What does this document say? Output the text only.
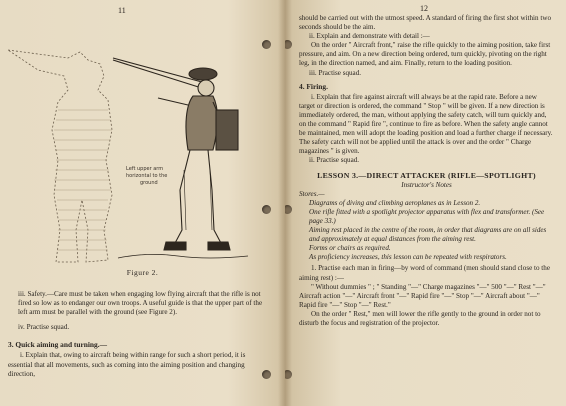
11
Left upper arm horizontal to the ground
Figure 2.

iii. Safety.—Care must be taken when engaging low flying aircraft that the rifle is not fired so low as to endanger our own troops. A useful guide is that the upper part of the left arm must be parallel with the ground (see Figure 2).

iv. Practise squad.

3. Quick aiming and turning.—

i. Explain that, owing to aircraft being within range for such a short period, it is essential that all movements, such as coming into the aiming position and changing direction,

12

should be carried out with the utmost speed. A standard of firing the first shot within two seconds should be the aim.

ii. Explain and demonstrate with detail :—

On the order " Aircraft front," raise the rifle quickly to the aiming position, take first pressure, and aim. On a new direction being ordered, turn quickly, pivoting on the right leg, in the direction named, and aim. Finally, return to the loading position.

iii. Practise squad.

4. Firing.

i. Explain that fire against aircraft will always be at the rapid rate. Before a new target or direction is ordered, the command " Stop " will be given. If a new direction is immediately ordered, the man, without applying the safety catch, will turn quickly and, on the command " Rapid fire ", continue to fire as before. When the safety angle cannot be maintained, men will adopt the loading position and load a further charge if necessary. The safety catch will not be applied until the attack is over and the order " Charge magazines " is given.

ii. Practise squad.

LESSON 3.—DIRECT ATTACKER (RIFLE—SPOTLIGHT)

Instructor's Notes

Stores.—

Diagrams of diving and climbing aeroplanes as in Lesson 2.

One rifle fitted with a spotlight projector apparatus with flex and transformer. (See page 33.)

Aiming rest placed in the centre of the room, in order that diagrams are on all sides and approximately at equal distances from the aiming rest.

Forms or chairs as required.

As proficiency increases, this lesson can be repeated with respirators.

1. Practise each man in firing—by word of command (men should stand close to the aiming rest) :—

" Without dummies " ; " Standing "—" Charge magazines "—" 500 "—" Rest "—" Aircraft action "—" Aircraft front "—" Rapid fire "—" Stop "—" Aircraft about "—" Rapid fire "—" Stop "—" Rest."

On the order " Rest," men will lower the rifle gently to the ground in order not to disturb the focus and registration of the projector.
